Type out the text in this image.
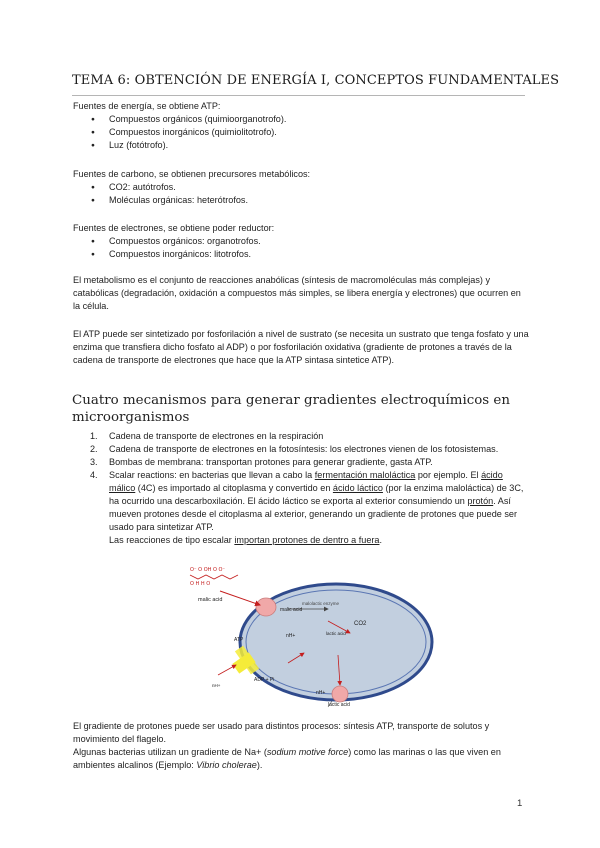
TEMA 6: OBTENCIÓN DE ENERGÍA I, CONCEPTOS FUNDAMENTALES

Fuentes de energía, se obtiene ATP:

● Compuestos orgánicos (quimioorganotrofo).
● Compuestos inorgánicos (quimiolitotrofo).
● Luz (fotótrofo).

Fuentes de carbono, se obtienen precursores metabólicos:

● CO2: autótrofos.
● Moléculas orgánicas: heterótrofos.

Fuentes de electrones, se obtiene poder reductor:

● Compuestos orgánicos: organotrofos.
● Compuestos inorgánicos: litotrofos.

El metabolismo es el conjunto de reacciones anabólicas (síntesis de macromoléculas más complejas) y catabólicas (degradación, oxidación a compuestos más simples, se libera energía y electrones) que ocurren en la célula.

El ATP puede ser sintetizado por fosforilación a nivel de sustrato (se necesita un sustrato que tenga fosfato y una enzima que transfiera dicho fosfato al ADP) o por fosforilación oxidativa (gradiente de protones a través de la cadena de transporte de electrones que hace que la ATP sintasa sintetice ATP).

Cuatro mecanismos para generar gradientes electroquímicos en microorganismos
1. Cadena de transporte de electrones en la respiración
2. Cadena de transporte de electrones en la fotosíntesis: los electrones vienen de los fotosistemas.
3. Bombas de membrana: transportan protones para generar gradiente, gasta ATP.
4. Scalar reactions: en bacterias que llevan a cabo la fermentación maloláctica por ejemplo. El ácido málico (4C) es importado al citoplasma y convertido en ácido láctico (por la enzima maloláctica) de 3C, ha ocurrido una descarboxilación. El ácido láctico se exporta al exterior consumiendo un protón. Así mueven protones desde el citoplasma al exterior, generando un gradiente de protones que puede ser usado para sintetizar ATP.
Las reacciones de tipo escalar importan protones de dentro a fuera.
O⁻ O OH O O⁻
O H H O
malic acid
malic acid
malolactic enzyme
CO2
lactic acid
ATP
ADP + Pi
nH+
nH+
nH+
lactic acid

El gradiente de protones puede ser usado para distintos procesos: síntesis ATP, transporte de solutos y movimiento del flagelo.

Algunas bacterias utilizan un gradiente de Na+ (sodium motive force) como las marinas o las que viven en ambientes alcalinos (Ejemplo: Vibrio cholerae).

1
